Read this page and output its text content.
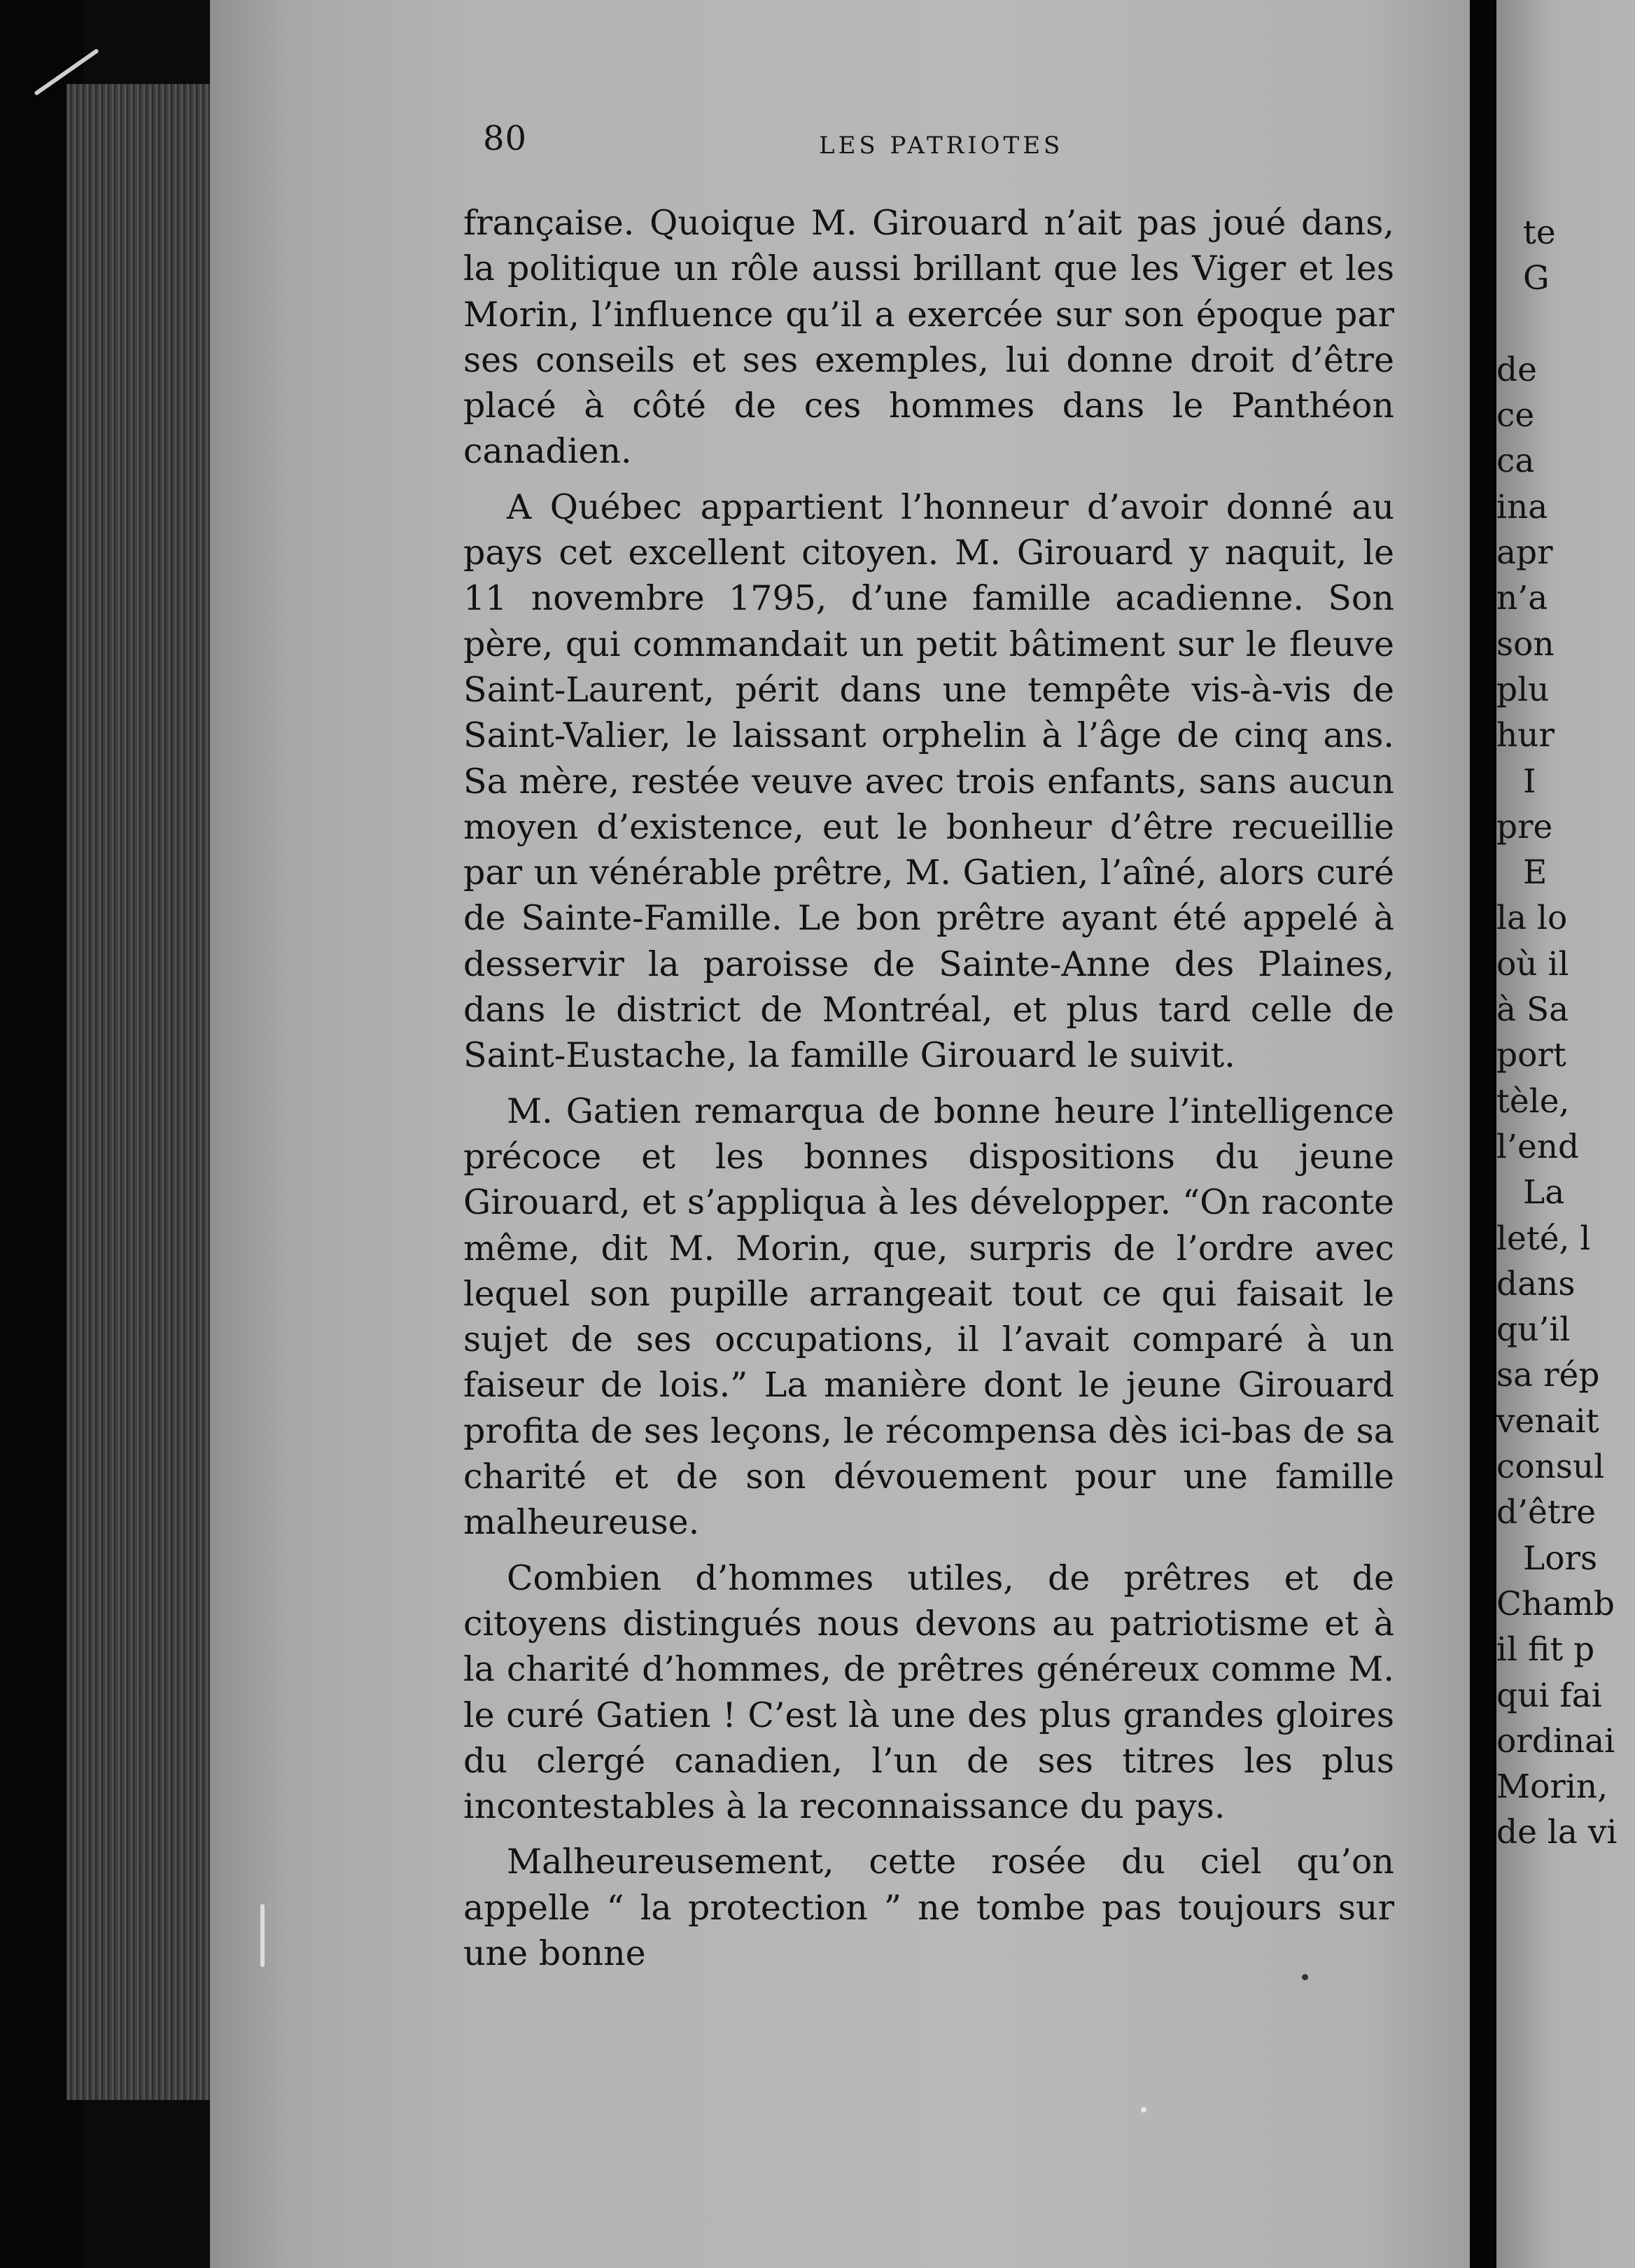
80	LES PATRIOTES

française. Quoique M. Girouard n’ait pas joué dans, la politique un rôle aussi brillant que les Viger et les Morin, l’influence qu’il a exercée sur son époque par ses conseils et ses exemples, lui donne droit d’être placé à côté de ces hommes dans le Panthéon canadien.

A Québec appartient l’honneur d’avoir donné au pays cet excellent citoyen. M. Girouard y naquit, le 11 novembre 1795, d’une famille acadienne. Son père, qui commandait un petit bâtiment sur le fleuve Saint-Laurent, périt dans une tempête vis-à-vis de Saint-Valier, le laissant orphelin à l’âge de cinq ans. Sa mère, restée veuve avec trois enfants, sans aucun moyen d’existence, eut le bonheur d’être recueillie par un vénérable prêtre, M. Gatien, l’aîné, alors curé de Sainte-Famille. Le bon prêtre ayant été appelé à desservir la paroisse de Sainte-Anne des Plaines, dans le district de Montréal, et plus tard celle de Saint-Eustache, la famille Girouard le suivit.

M. Gatien remarqua de bonne heure l’intelligence précoce et les bonnes dispositions du jeune Girouard, et s’appliqua à les développer. “On raconte même, dit M. Morin, que, surpris de l’ordre avec lequel son pupille arrangeait tout ce qui faisait le sujet de ses occupations, il l’avait comparé à un faiseur de lois.” La manière dont le jeune Girouard profita de ses leçons, le récompensa dès ici-bas de sa charité et de son dévouement pour une famille malheureuse.

Combien d’hommes utiles, de prêtres et de citoyens distingués nous devons au patriotisme et à la charité d’hommes, de prêtres généreux comme M. le curé Gatien ! C’est là une des plus grandes gloires du clergé canadien, l’un de ses titres les plus incontestables à la reconnaissance du pays.

Malheureusement, cette rosée du ciel qu’on appelle “ la protection ” ne tombe pas toujours sur une bonne

te
G

de
ce
ca
ina
apr
n’a
son
plu
hur
I
pre
E
la lo
où il
à Sa
port
tèle,
l’end
La
leté, l
dans
qu’il
sa rép
venait
consul
d’être
Lors
Chamb
il fit p
qui fai
ordinai
Morin,
de la vi
